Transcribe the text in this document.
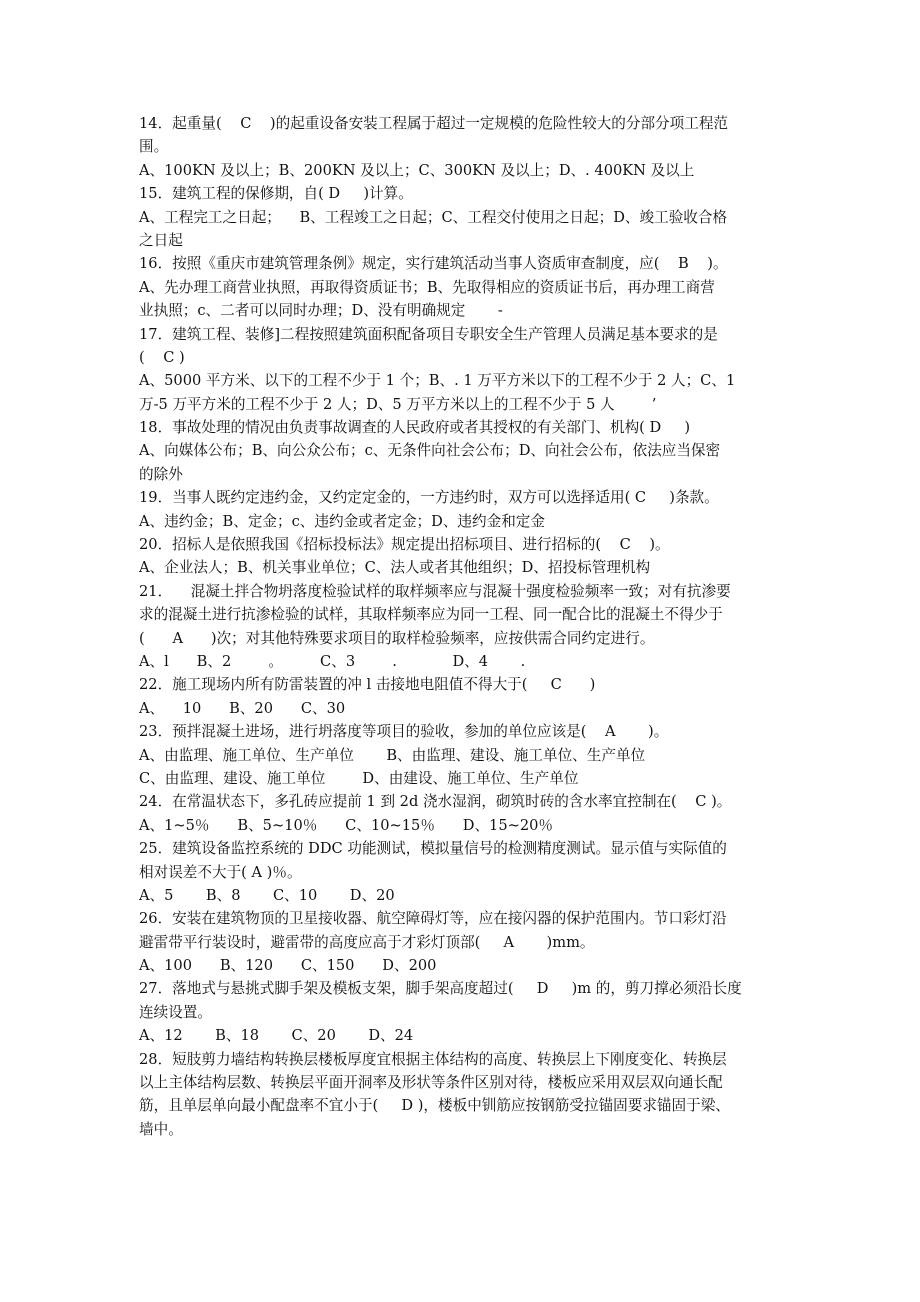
14．起重量(    C    )的起重设备安装工程属于超过一定规模的危险性较大的分部分项工程范
围。
A、100KN 及以上；B、200KN 及以上；C、300KN 及以上；D、. 400KN 及以上
15．建筑工程的保修期，自( D     )计算。
A、工程完工之日起；    B、工程竣工之日起；C、工程交付使用之日起；D、竣工验收合格
之日起
16．按照《重庆市建筑管理条例》规定，实行建筑活动当事人资质审查制度，应(    B    )。
A、先办理工商营业执照，再取得资质证书；B、先取得相应的资质证书后，再办理工商营
业执照；c、二者可以同时办理；D、没有明确规定       -
17．建筑工程、装修]二程按照建筑面积配备项目专职安全生产管理人员满足基本要求的是
(    C )
A、5000 平方米、以下的工程不少于 1 个；B、. 1 万平方米以下的工程不少于 2 人；C、1
万-5 万平方米的工程不少于 2 人；D、5 万平方米以上的工程不少于 5 人        ’
18．事故处理的情况由负责事故调查的人民政府或者其授权的有关部门、机构( D     )
A、向媒体公布；B、向公众公布；c、无条件向社会公布；D、向社会公布，依法应当保密
的除外
19．当事人既约定违约金，又约定定金的，一方违约时，双方可以选择适用( C     )条款。
A、违约金；B、定金；c、违约金或者定金；D、违约金和定金
20．招标人是依照我国《招标投标法》规定提出招标项目、进行招标的(    C    )。
A、企业法人；B、机关事业单位；C、法人或者其他组织；D、招投标管理机构
21．    混凝土拌合物坍落度检验试样的取样频率应与混凝十强度检验频率一致；对有抗渗要
求的混凝土进行抗渗检验的试样，其取样频率应为同一工程、同一配合比的混凝土不得少于
(      A      )次；对其他特殊要求项目的取样检验频率，应按供需合同约定进行。
A、l      B、2        。        C、3        .            D、4       .
22．施工现场内所有防雷装置的冲 l 击接地电阻值不得大于(     C      )
A、    10      B、20      C、30
23．预拌混凝土进场，进行坍落度等项目的验收，参加的单位应该是(    A       )。
A、由监理、施工单位、生产单位       B、由监理、建设、施工单位、生产单位
C、由监理、建设、施工单位        D、由建设、施工单位、生产单位
24．在常温状态下，多孔砖应提前 1 到 2d 浇水湿润，砌筑时砖的含水率宜控制在(    C )。
A、1~5％      B、5~10％      C、10~15％      D、15~20％
25．建筑设备监控系统的 DDC 功能测试，模拟量信号的检测精度测试。显示值与实际值的
相对误差不大于( A )％。
A、5       B、8       C、10       D、20
26．安装在建筑物顶的卫星接收器、航空障碍灯等，应在接闪器的保护范围内。节口彩灯沿
避雷带平行装设时，避雷带的高度应高于才彩灯顶部(     A       )mm。
A、100      B、120      C、150      D、200
27．落地式与悬挑式脚手架及模板支架，脚手架高度超过(     D     )m 的，剪刀撑必须沿长度
连续设置。
A、12       B、18       C、20       D、24
28．短肢剪力墙结构转换层楼板厚度宜根据主体结构的高度、转换层上下刚度变化、转换层
以上主体结构层数、转换层平面开洞率及形状等条件区别对待，楼板应采用双层双向通长配
筋，且单层单向最小配盘率不宜小于(     D )，楼板中钏筋应按钢筋受拉锚固要求锚固于梁、
墙中。
